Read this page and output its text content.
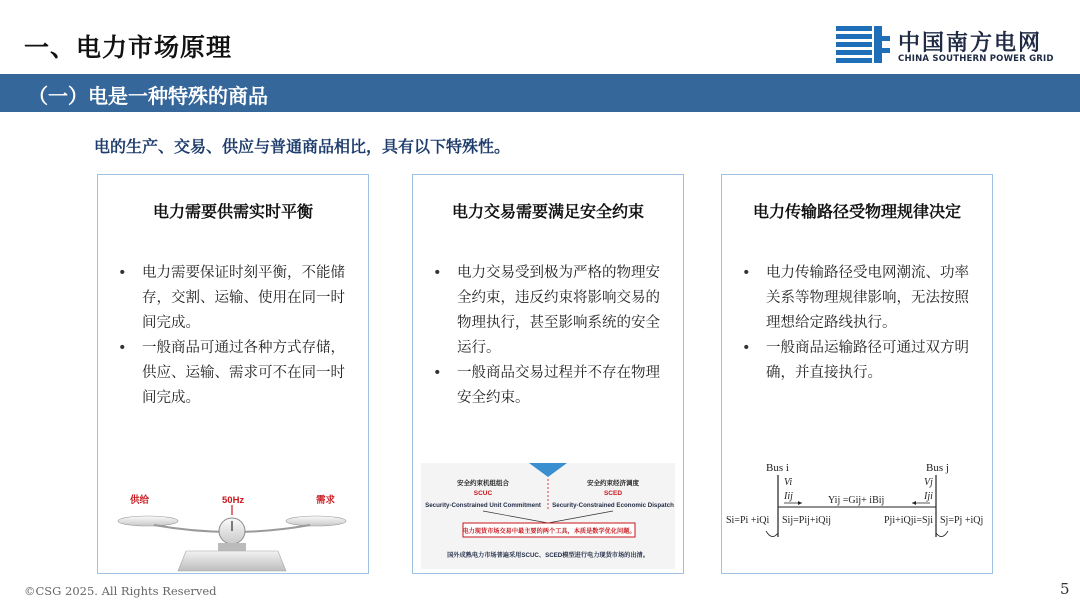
一、电力市场原理	中国南方电网
CHINA SOUTHERN POWER GRID
（一）电是一种特殊的商品
电的生产、交易、供应与普通商品相比，具有以下特殊性。
电力需要供需实时平衡
• 电力需要保证时刻平衡，不能储存，交割、运输、使用在同一时间完成。
• 一般商品可通过各种方式存储，供应、运输、需求可不在同一时间完成。
供给	50Hz	需求
电力交易需要满足安全约束
• 电力交易受到极为严格的物理安全约束，违反约束将影响交易的物理执行，甚至影响系统的安全运行。
• 一般商品交易过程并不存在物理安全约束。
安全约束机组组合
SCUC
Security-Constrained Unit Commitment
安全约束经济调度
SCED
Security-Constrained Economic Dispatch
电力现货市场交易中最主要的两个工具，本质是数学优化问题。
国外成熟电力市场普遍采用SCUC、SCED模型进行电力现货市场的出清。
电力传输路径受物理规律决定
• 电力传输路径受电网潮流、功率关系等物理规律影响，无法按照理想给定路线执行。
• 一般商品运输路径可通过双方明确，并直接执行。
Bus i	Bus j
Vi	Vj
Iij	Iji
Yij =Gij+ iBij
Si=Pi +iQi Sij=Pij+iQij	Pji+iQji=Sji Sj=Pj +iQj
©CSG 2025. All Rights Reserved	5
